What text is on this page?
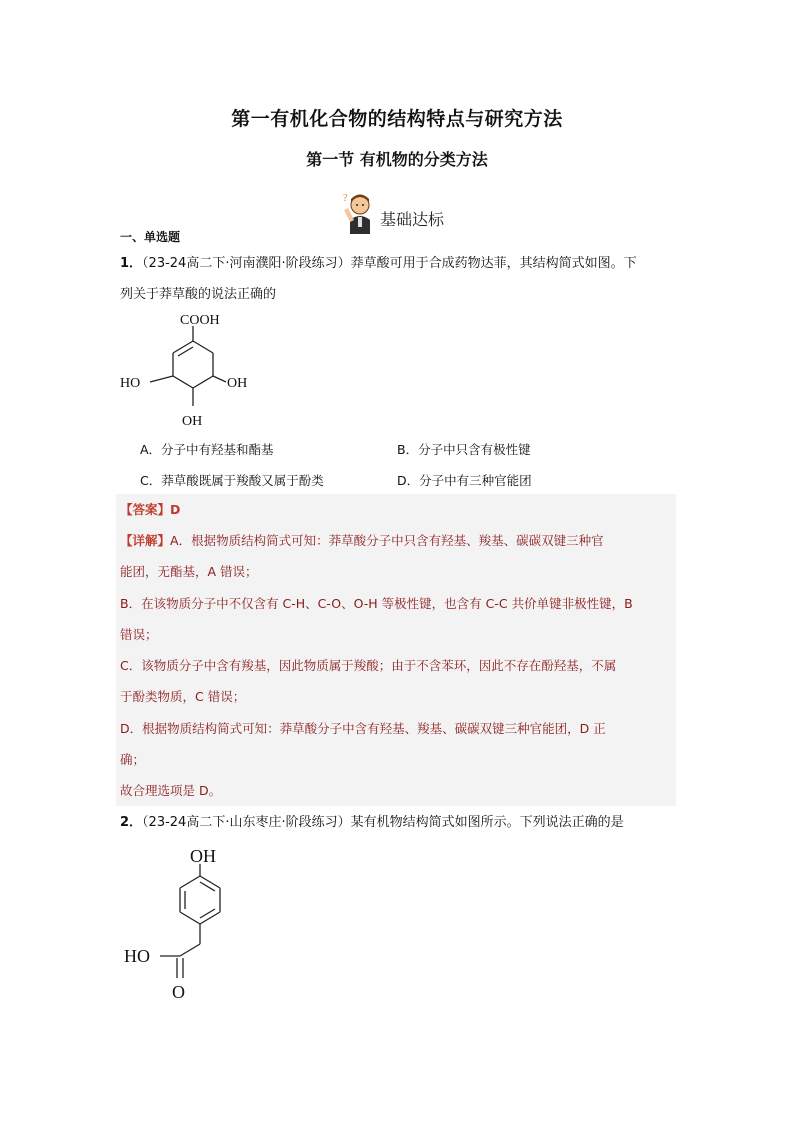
第一有机化合物的结构特点与研究方法
第一节 有机物的分类方法
?
基础达标
一、单选题
1．（23-24高二下·河南濮阳·阶段练习）莽草酸可用于合成药物达菲，其结构简式如图。下
列关于莽草酸的说法正确的
COOH
HO	OH
OH
A．分子中有羟基和酯基	B．分子中只含有极性键
C．莽草酸既属于羧酸又属于酚类	D．分子中有三种官能团
【答案】D
【详解】A．根据物质结构简式可知：莽草酸分子中只含有羟基、羧基、碳碳双键三种官
能团，无酯基，A 错误；
B．在该物质分子中不仅含有 C-H、C-O、O-H 等极性键，也含有 C-C 共价单键非极性键，B
错误；
C．该物质分子中含有羧基，因此物质属于羧酸；由于不含苯环，因此不存在酚羟基，不属
于酚类物质，C 错误；
D．根据物质结构简式可知：莽草酸分子中含有羟基、羧基、碳碳双键三种官能团，D 正
确；
故合理选项是 D。
2．（23-24高二下·山东枣庄·阶段练习）某有机物结构简式如图所示。下列说法正确的是
OH
HO
O
